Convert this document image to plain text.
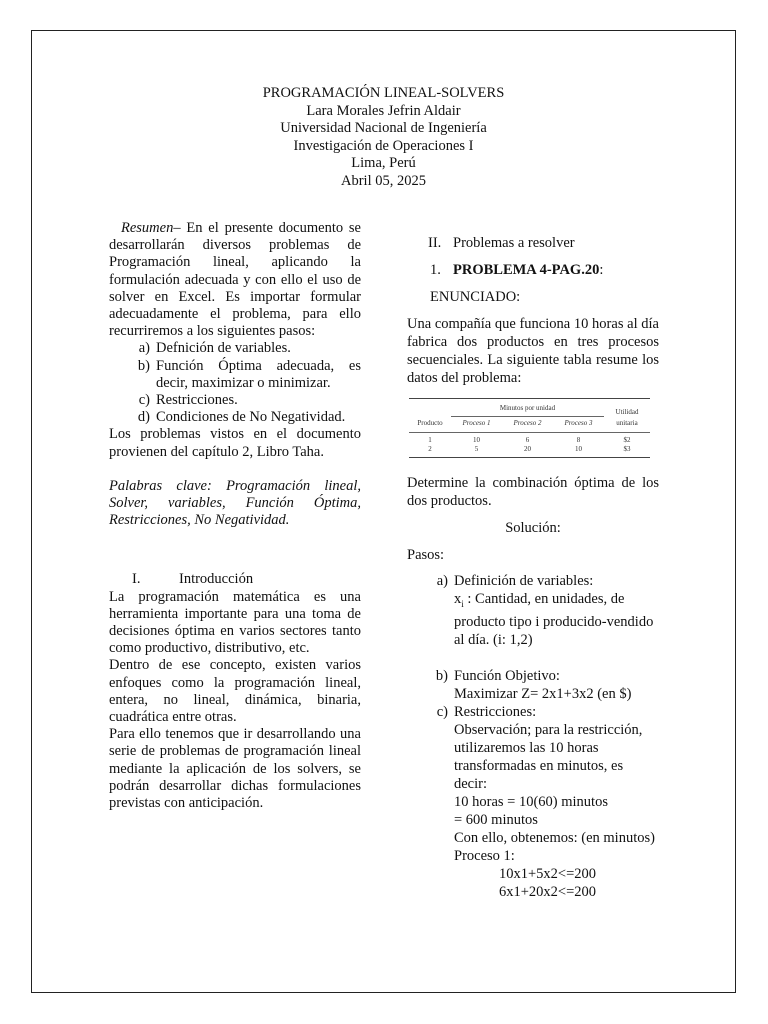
PROGRAMACIÓN LINEAL-SOLVERS
Lara Morales Jefrin Aldair
Universidad Nacional de Ingeniería
Investigación de Operaciones I
Lima, Perú
Abril 05, 2025

Resumen– En el presente documento se desarrollarán diversos problemas de Programación lineal, aplicando la formulación adecuada y con ello el uso de solver en Excel. Es importar formular adecuadamente el problema, para ello recurriremos a los siguientes pasos:

a) Defnición de variables.
b) Función Óptima adecuada, es decir, maximizar o minimizar.
c) Restricciones.
d) Condiciones de No Negatividad.

Los problemas vistos en el documento provienen del capítulo 2, Libro Taha.

Palabras clave: Programación lineal, Solver, variables, Función Óptima, Restricciones, No Negatividad.

I.	Introducción

La programación matemática es una herramienta importante para una toma de decisiones óptima en varios sectores tanto como productivo, distributivo, etc.

Dentro de ese concepto, existen varios enfoques como la programación lineal, entera, no lineal, dinámica, binaria, cuadrática entre otras.

Para ello tenemos que ir desarrollando una serie de problemas de programación lineal mediante la aplicación de los solvers, se podrán desarrollar dichas formulaciones previstas con anticipación.

II. Problemas a resolver
1. PROBLEMA 4-PAG.20:
ENUNCIADO:

Una compañía que funciona 10 horas al día fabrica dos productos en tres procesos secuenciales. La siguiente tabla resume los datos del problema:

	Minutos por unidad			Utilidad
Producto	Proceso 1	Proceso 2	Proceso 3	unitaria
1	10	6	8	$2
2	5	20	10	$3

Determine la combinación óptima de los dos productos.

Solución:
Pasos:
a) Definición de variables:
$x_i$ : Cantidad, en unidades, de producto tipo i producido-vendido al día. (i: 1,2)
b) Función Objetivo:
Maximizar Z= 2x1+3x2 (en $)
c) Restricciones:
Observación; para la restricción, utilizaremos las 10 horas transformadas en minutos, es decir:
10 horas = 10(60) minutos
= 600 minutos
Con ello, obtenemos: (en minutos)
Proceso 1:
10x1+5x2<=200
6x1+20x2<=200
